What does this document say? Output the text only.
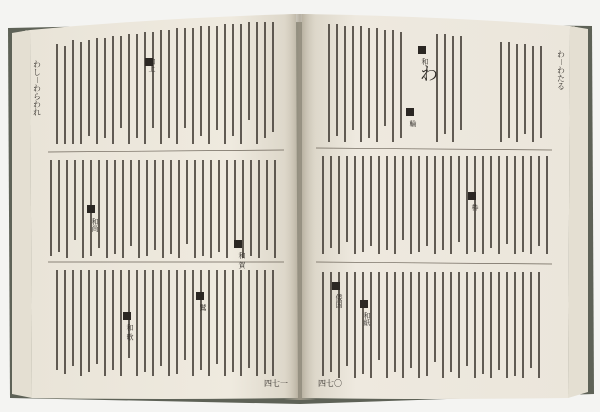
わし－わらわれ
四七一
わ－わたる
四七〇
わ
和上
和尚
和 賀
鷲
和 歌
輪
和
枠
倭国
和紙
